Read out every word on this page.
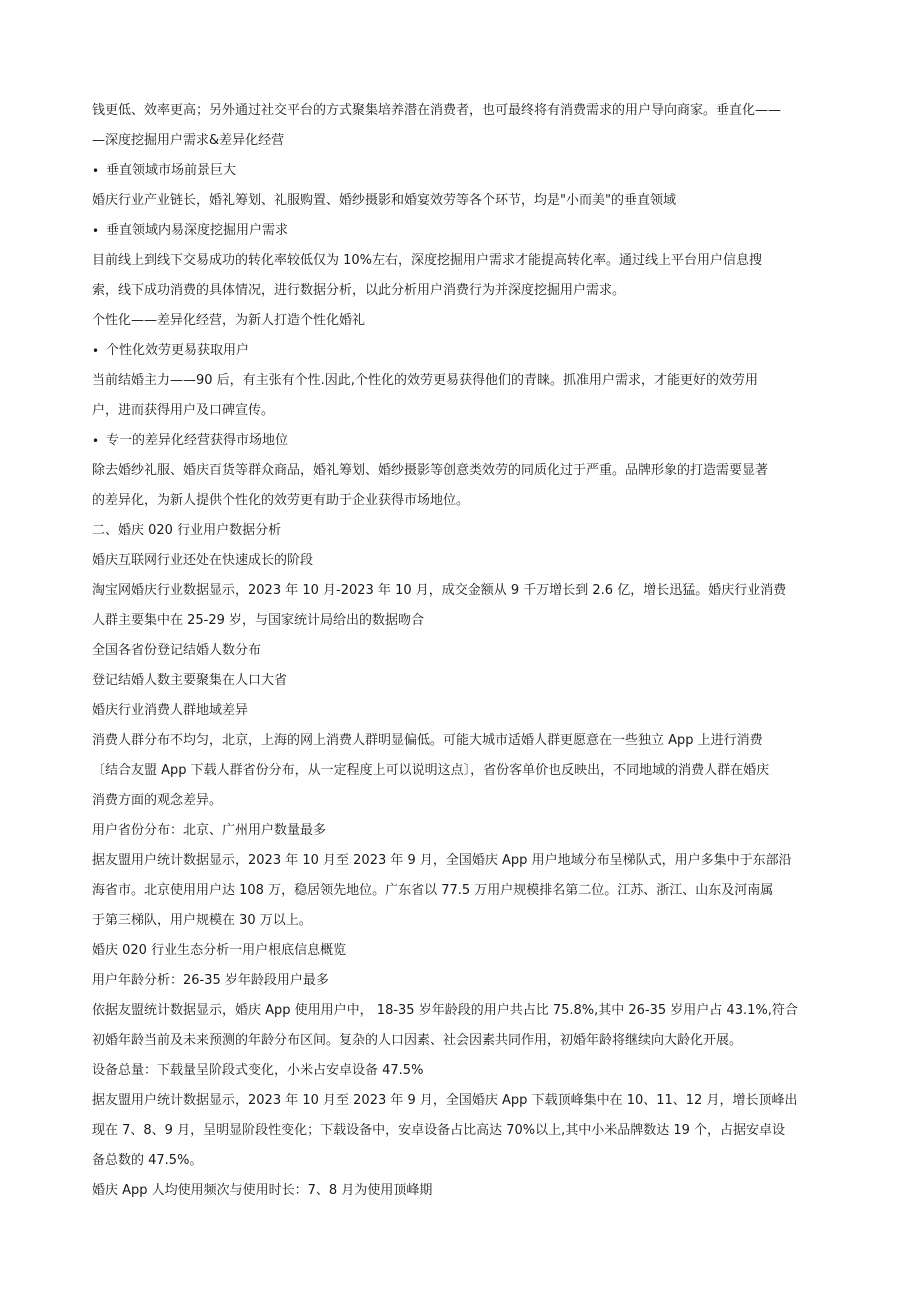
钱更低、效率更高；另外通过社交平台的方式聚集培养潜在消费者，也可最终将有消费需求的用户导向商家。垂直化——
—深度挖掘用户需求&差异化经营
• 垂直领域市场前景巨大
婚庆行业产业链长，婚礼筹划、礼服购置、婚纱摄影和婚宴效劳等各个环节，均是"小而美"的垂直领域
• 垂直领域内易深度挖掘用户需求
目前线上到线下交易成功的转化率较低仅为 10%左右，深度挖掘用户需求才能提高转化率。通过线上平台用户信息搜
索，线下成功消费的具体情况，进行数据分析，以此分析用户消费行为并深度挖掘用户需求。
个性化——差异化经营，为新人打造个性化婚礼
• 个性化效劳更易获取用户
当前结婚主力——90 后，有主张有个性.因此,个性化的效劳更易获得他们的青睐。抓准用户需求，才能更好的效劳用
户，进而获得用户及口碑宣传。
• 专一的差异化经营获得市场地位
除去婚纱礼服、婚庆百货等群众商品，婚礼筹划、婚纱摄影等创意类效劳的同质化过于严重。品牌形象的打造需要显著
的差异化，为新人提供个性化的效劳更有助于企业获得市场地位。
二、婚庆 020 行业用户数据分析
婚庆互联网行业还处在快速成长的阶段
淘宝网婚庆行业数据显示，2023 年 10 月-2023 年 10 月，成交金额从 9 千万增长到 2.6 亿，增长迅猛。婚庆行业消费
人群主要集中在 25-29 岁，与国家统计局给出的数据吻合
全国各省份登记结婚人数分布
登记结婚人数主要聚集在人口大省
婚庆行业消费人群地域差异
消费人群分布不均匀，北京，上海的网上消费人群明显偏低。可能大城市适婚人群更愿意在一些独立 App 上进行消费
〔结合友盟 App 下载人群省份分布，从一定程度上可以说明这点〕，省份客单价也反映出，不同地域的消费人群在婚庆
消费方面的观念差异。
用户省份分布：北京、广州用户数量最多
据友盟用户统计数据显示，2023 年 10 月至 2023 年 9 月，全国婚庆 App 用户地域分布呈梯队式，用户多集中于东部沿
海省市。北京使用用户达 108 万，稳居领先地位。广东省以 77.5 万用户规模排名第二位。江苏、浙江、山东及河南属
于第三梯队，用户规模在 30 万以上。
婚庆 020 行业生态分析一用户根底信息概览
用户年龄分析：26-35 岁年龄段用户最多
依据友盟统计数据显示，婚庆 App 使用用户中， 18-35 岁年龄段的用户共占比 75.8%,其中 26-35 岁用户占 43.1%,符合
初婚年龄当前及未来预测的年龄分布区间。复杂的人口因素、社会因素共同作用，初婚年龄将继续向大龄化开展。
设备总量：下载量呈阶段式变化，小米占安卓设备 47.5%
据友盟用户统计数据显示，2023 年 10 月至 2023 年 9 月，全国婚庆 App 下载顶峰集中在 10、11、12 月，增长顶峰出
现在 7、8、9 月，呈明显阶段性变化；下载设备中，安卓设备占比高达 70%以上,其中小米品牌数达 19 个，占据安卓设
备总数的 47.5%。
婚庆 App 人均使用频次与使用时长：7、8 月为使用顶峰期
